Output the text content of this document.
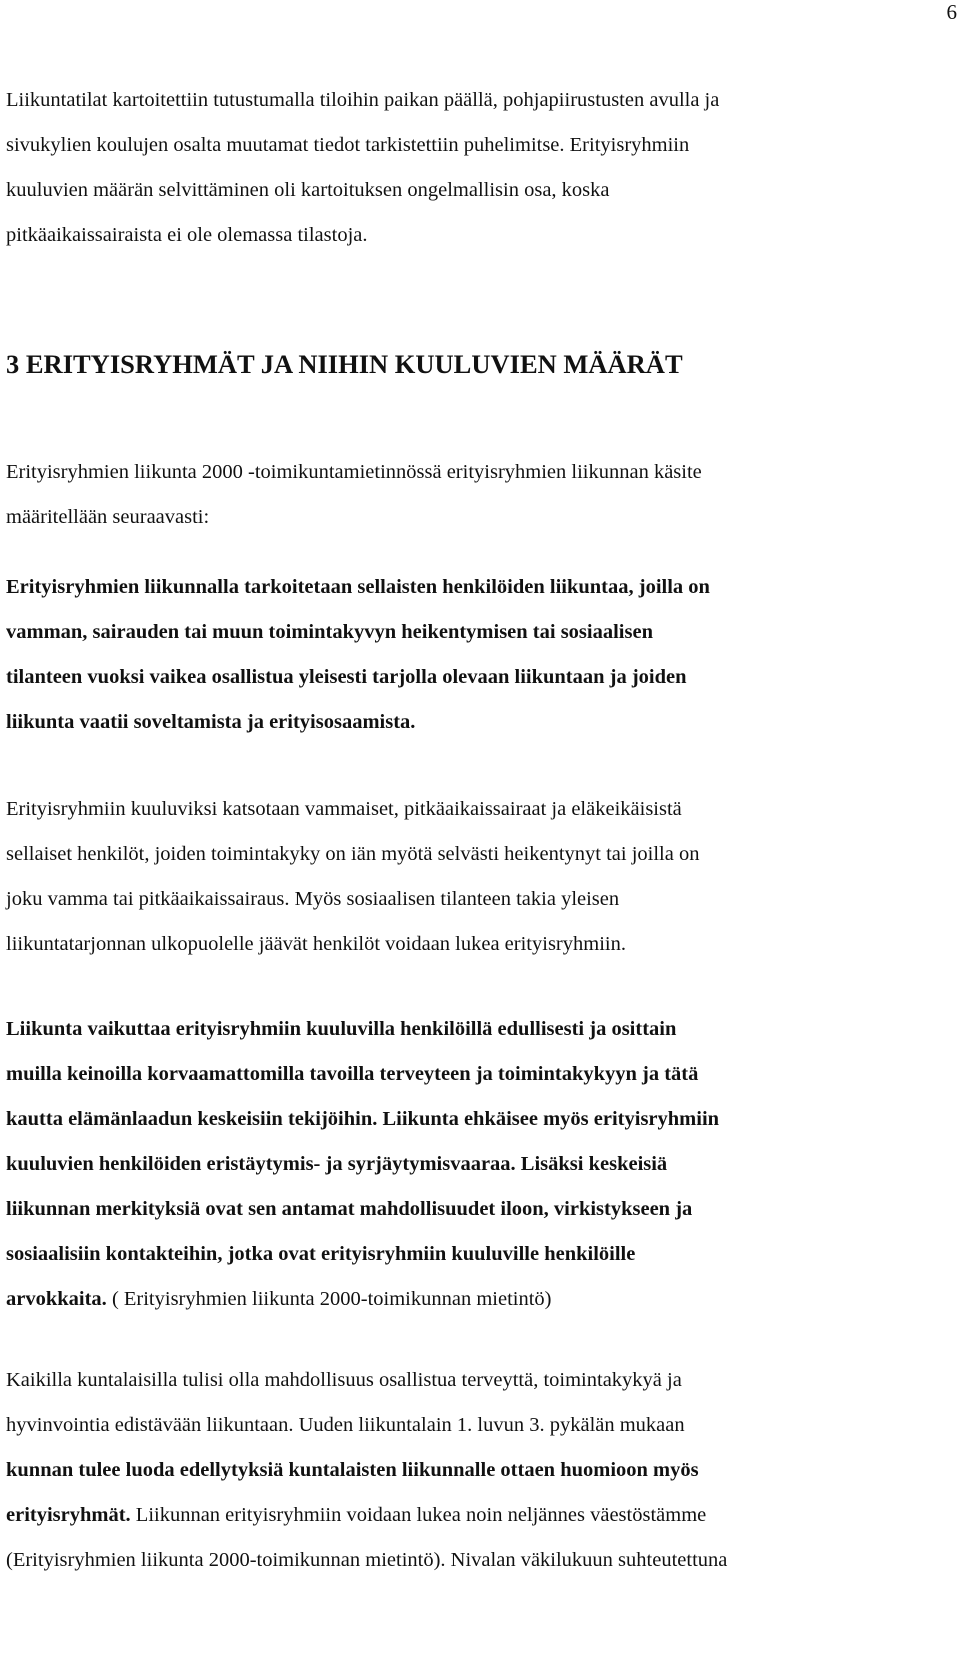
6

Liikuntatilat kartoitettiin tutustumalla tiloihin paikan päällä, pohjapiirustusten avulla ja
sivukylien koulujen osalta muutamat tiedot tarkistettiin puhelimitse. Erityisryhmiin
kuuluvien määrän selvittäminen oli kartoituksen ongelmallisin osa, koska
pitkäaikaissairaista ei ole olemassa tilastoja.

3 ERITYISRYHMÄT JA NIIHIN KUULUVIEN MÄÄRÄT

Erityisryhmien liikunta 2000 -toimikuntamietinnössä erityisryhmien liikunnan käsite
määritellään seuraavasti:

Erityisryhmien liikunnalla tarkoitetaan sellaisten henkilöiden liikuntaa, joilla on
vamman, sairauden tai muun toimintakyvyn heikentymisen tai sosiaalisen
tilanteen vuoksi vaikea osallistua yleisesti tarjolla olevaan liikuntaan ja joiden
liikunta vaatii soveltamista ja erityisosaamista.

Erityisryhmiin kuuluviksi katsotaan vammaiset, pitkäaikaissairaat ja eläkeikäisistä
sellaiset henkilöt, joiden toimintakyky on iän myötä selvästi heikentynyt tai joilla on
joku vamma tai pitkäaikaissairaus. Myös sosiaalisen tilanteen takia yleisen
liikuntatarjonnan ulkopuolelle jäävät henkilöt voidaan lukea erityisryhmiin.

Liikunta vaikuttaa erityisryhmiin kuuluvilla henkilöillä edullisesti ja osittain
muilla keinoilla korvaamattomilla tavoilla terveyteen ja toimintakykyyn ja tätä
kautta elämänlaadun keskeisiin tekijöihin. Liikunta ehkäisee myös erityisryhmiin
kuuluvien henkilöiden eristäytymis- ja syrjäytymisvaaraa. Lisäksi keskeisiä
liikunnan merkityksiä ovat sen antamat mahdollisuudet iloon, virkistykseen ja
sosiaalisiin kontakteihin, jotka ovat erityisryhmiin kuuluville henkilöille
arvokkaita. ( Erityisryhmien liikunta 2000-toimikunnan mietintö)

Kaikilla kuntalaisilla tulisi olla mahdollisuus osallistua terveyttä, toimintakykyä ja
hyvinvointia edistävään liikuntaan. Uuden liikuntalain 1. luvun 3. pykälän mukaan
kunnan tulee luoda edellytyksiä kuntalaisten liikunnalle ottaen huomioon myös
erityisryhmät. Liikunnan erityisryhmiin voidaan lukea noin neljännes väestöstämme
(Erityisryhmien liikunta 2000-toimikunnan mietintö). Nivalan väkilukuun suhteutettuna
